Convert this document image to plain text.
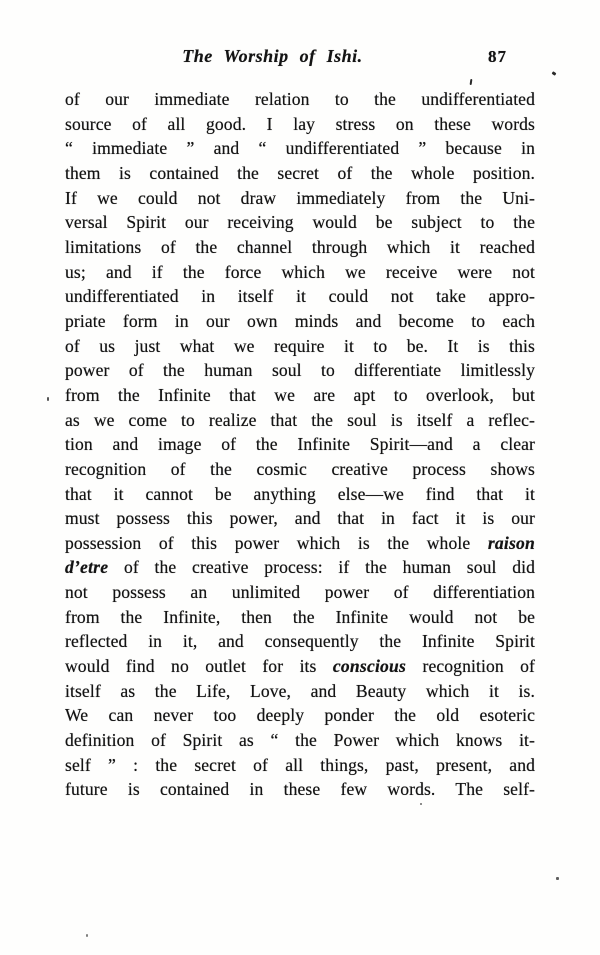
The Worship of Ishi.	87
of our immediate relation to the undifferentiated
source of all good. I lay stress on these words
“ immediate ” and “ undifferentiated ” because in
them is contained the secret of the whole position.
If we could not draw immediately from the Uni-
versal Spirit our receiving would be subject to the
limitations of the channel through which it reached
us; and if the force which we receive were not
undifferentiated in itself it could not take appro-
priate form in our own minds and become to each
of us just what we require it to be. It is this
power of the human soul to differentiate limitlessly
from the Infinite that we are apt to overlook, but
as we come to realize that the soul is itself a reflec-
tion and image of the Infinite Spirit—and a clear
recognition of the cosmic creative process shows
that it cannot be anything else—we find that it
must possess this power, and that in fact it is our
possession of this power which is the whole raison
d’etre of the creative process: if the human soul did
not possess an unlimited power of differentiation
from the Infinite, then the Infinite would not be
reflected in it, and consequently the Infinite Spirit
would find no outlet for its conscious recognition of
itself as the Life, Love, and Beauty which it is.
We can never too deeply ponder the old esoteric
definition of Spirit as “ the Power which knows it-
self ” : the secret of all things, past, present, and
future is contained in these few words. The self-
